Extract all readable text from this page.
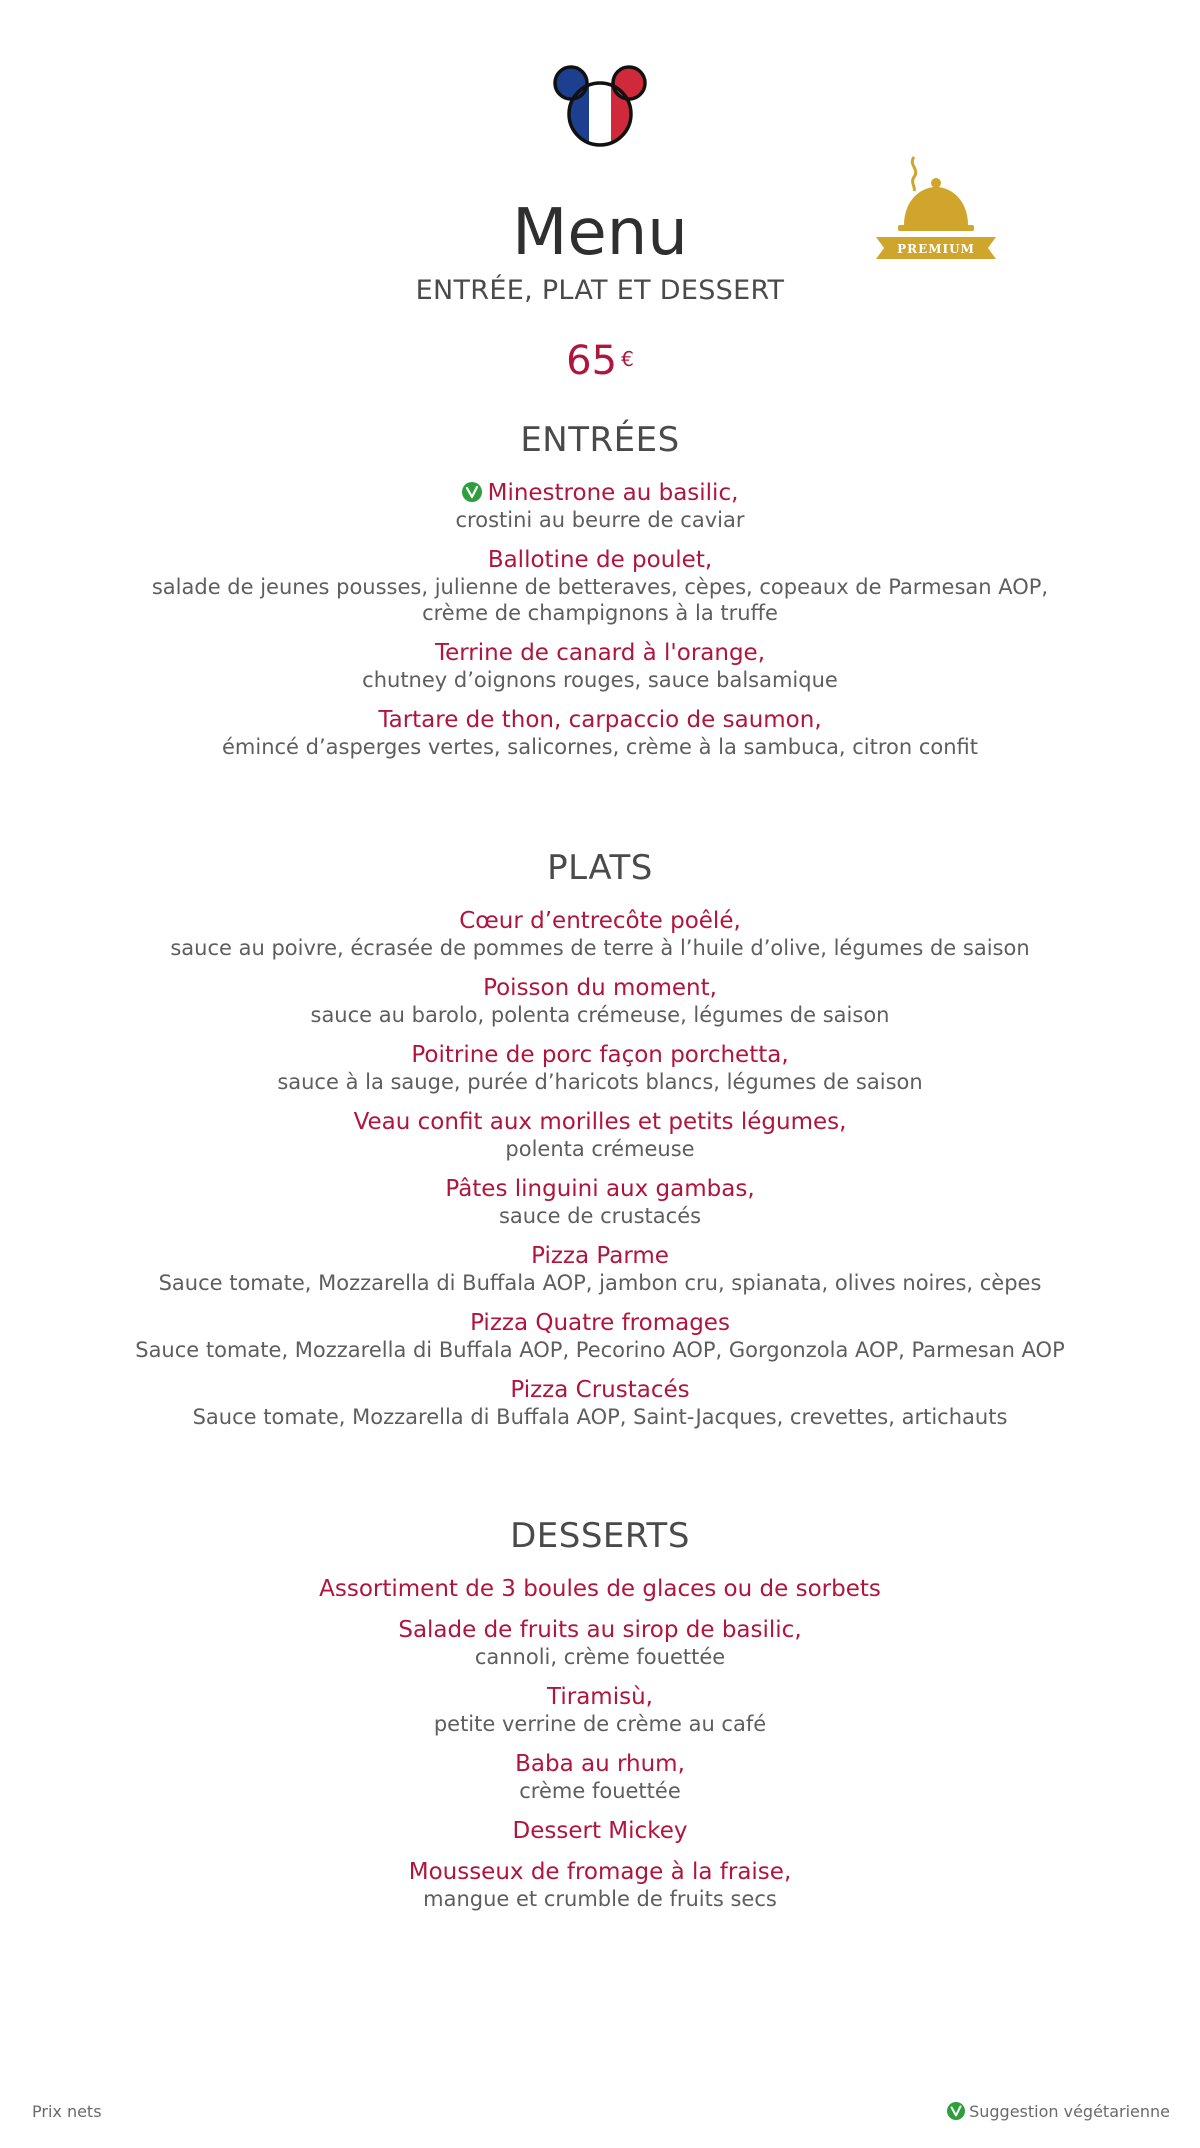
PREMIUM
Menu
ENTRÉE, PLAT ET DESSERT
65 €
ENTRÉES
Minestrone au basilic,
crostini au beurre de caviar
Ballotine de poulet,
salade de jeunes pousses, julienne de betteraves, cèpes, copeaux de Parmesan AOP,
crème de champignons à la truffe
Terrine de canard à l'orange,
chutney d’oignons rouges, sauce balsamique
Tartare de thon, carpaccio de saumon,
émincé d’asperges vertes, salicornes, crème à la sambuca, citron confit
PLATS
Cœur d’entrecôte poêlé,
sauce au poivre, écrasée de pommes de terre à l’huile d’olive, légumes de saison
Poisson du moment,
sauce au barolo, polenta crémeuse, légumes de saison
Poitrine de porc façon porchetta,
sauce à la sauge, purée d’haricots blancs, légumes de saison
Veau confit aux morilles et petits légumes,
polenta crémeuse
Pâtes linguini aux gambas,
sauce de crustacés
Pizza Parme
Sauce tomate, Mozzarella di Buffala AOP, jambon cru, spianata, olives noires, cèpes
Pizza Quatre fromages
Sauce tomate, Mozzarella di Buffala AOP, Pecorino AOP, Gorgonzola AOP, Parmesan AOP
Pizza Crustacés
Sauce tomate, Mozzarella di Buffala AOP, Saint-Jacques, crevettes, artichauts
DESSERTS
Assortiment de 3 boules de glaces ou de sorbets
Salade de fruits au sirop de basilic,
cannoli, crème fouettée
Tiramisù,
petite verrine de crème au café
Baba au rhum,
crème fouettée
Dessert Mickey
Mousseux de fromage à la fraise,
mangue et crumble de fruits secs
Prix nets	Suggestion végétarienne
